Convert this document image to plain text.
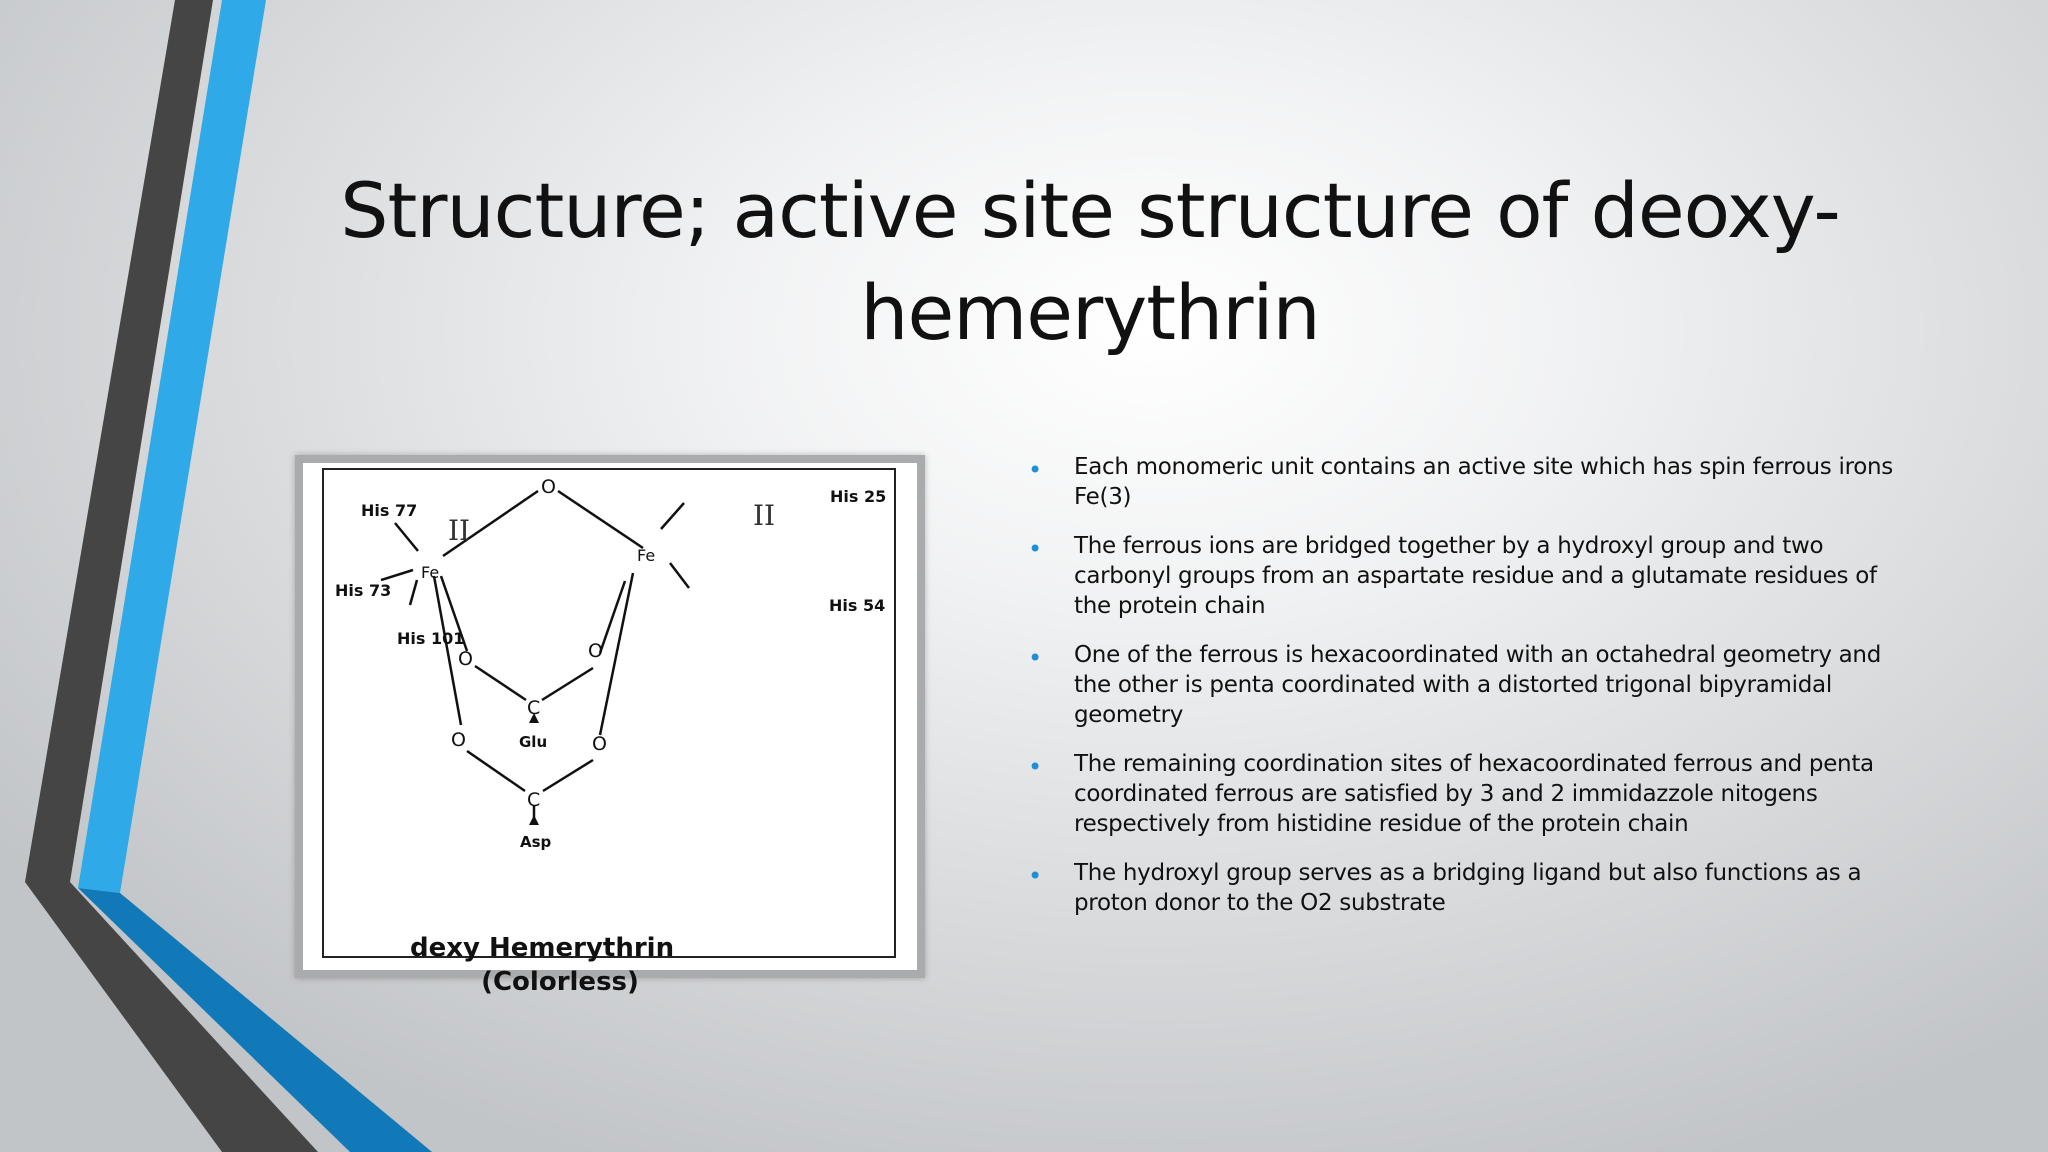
Structure; active site structure of deoxy-hemerythrin
His 77
His 73
His 101
His 25
His 54
dexy Hemerythrin
(Colorless)
Fe
Fe
O
O	O
O	O
C
C
Glu
Asp
II	II
• Each monomeric unit contains an active site which has spin ferrous irons Fe(3)
• The ferrous ions are bridged together by a hydroxyl group and two carbonyl groups from an aspartate residue and a glutamate residues of the protein chain
• One of the ferrous is hexacoordinated with an octahedral geometry and the other is penta coordinated with a distorted trigonal bipyramidal geometry
• The remaining coordination sites of hexacoordinated ferrous and penta coordinated ferrous are satisfied by 3 and 2 immidazzole nitogens respectively from histidine residue of the protein chain
• The hydroxyl group serves as a bridging ligand but also functions as a proton donor to the O2 substrate
